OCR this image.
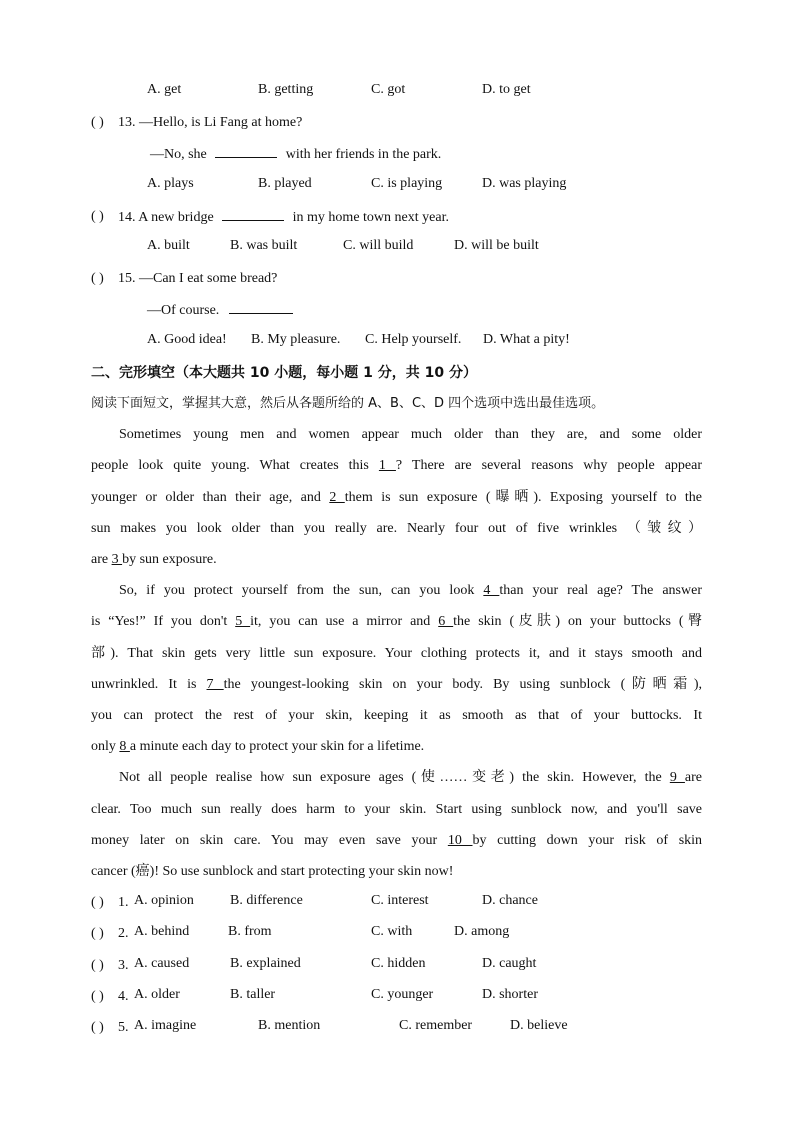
A. get	B. getting	C. got	D. to get
( ) 13. —Hello, is Li Fang at home?
—No, she	with her friends in the park.
A. plays	B. played	C. is playing	D. was playing
( ) 14. A new bridge	in my home town next year.
A. built	B. was built	C. will build	D. will be built
( ) 15. —Can I eat some bread?
—Of course.
A. Good idea! B. My pleasure. C. Help yourself. D. What a pity!
二、完形填空（本大题共 10 小题，每小题 1 分，共 10 分）
阅读下面短文，掌握其大意，然后从各题所给的 A、B、C、D 四个选项中选出最佳选项。
Sometimes young men and women appear much older than they are, and some older
people look quite young. What creates this 1 ? There are several reasons why people appear
younger or older than their age, and 2 them is sun exposure (曝晒). Exposing yourself to the
sun makes you look older than you really are. Nearly four out of five wrinkles （皱纹）
are 3 by sun exposure.
So, if you protect yourself from the sun, can you look 4 than your real age? The answer
is “Yes!” If you don't 5 it, you can use a mirror and 6 the skin (皮肤) on your buttocks (臀
部). That skin gets very little sun exposure. Your clothing protects it, and it stays smooth and
unwrinkled. It is 7 the youngest-looking skin on your body. By using sunblock (防晒霜),
you can protect the rest of your skin, keeping it as smooth as that of your buttocks. It
only 8 a minute each day to protect your skin for a lifetime.
Not all people realise how sun exposure ages (使……变老) the skin. However, the 9 are
clear. Too much sun really does harm to your skin. Start using sunblock now, and you'll save
money later on skin care. You may even save your 10 by cutting down your risk of skin
cancer (癌)! So use sunblock and start protecting your skin now!
( ) 1. A. opinion	B. difference	C. interest	D. chance
( ) 2. A. behind	B. from	C. with	D. among
( ) 3. A. caused	B. explained	C. hidden	D. caught
( ) 4. A. older	B. taller	C. younger	D. shorter
( ) 5. A. imagine	B. mention	C. remember	D. believe
